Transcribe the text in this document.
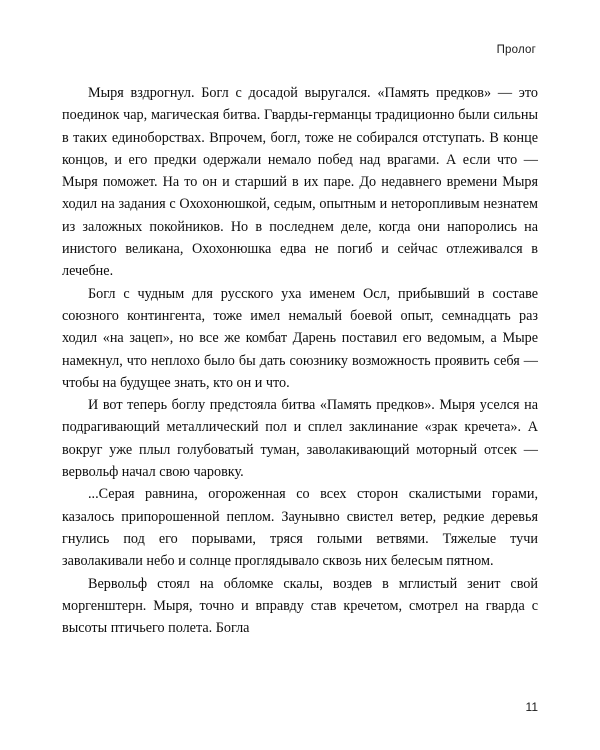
Пролог

Мыря вздрогнул. Богл с досадой выругался. «Память предков» — это поединок чар, магическая битва. Гварды-германцы традиционно были сильны в таких единоборствах. Впрочем, богл, тоже не собирался отступать. В конце концов, и его предки одержали немало побед над врагами. А если что — Мыря поможет. На то он и старший в их паре. До недавнего времени Мыря ходил на задания с Охохонюшкой, седым, опытным и неторопливым незнатем из заложных покойников. Но в последнем деле, когда они напоролись на инистого великана, Охохонюшка едва не погиб и сейчас отлеживался в лечебне.

Богл с чудным для русского уха именем Осл, прибывший в составе союзного контингента, тоже имел немалый боевой опыт, семнадцать раз ходил «на зацеп», но все же комбат Дарень поставил его ведомым, а Мыре намекнул, что неплохо было бы дать союзнику возможность проявить себя — чтобы на будущее знать, кто он и что.

И вот теперь боглу предстояла битва «Память предков». Мыря уселся на подрагивающий металлический пол и сплел заклинание «зрак кречета». А вокруг уже плыл голубоватый туман, заволакивающий моторный отсек — вервольф начал свою чаровку.

...Серая равнина, огороженная со всех сторон скалистыми горами, казалось припорошенной пеплом. Заунывно свистел ветер, редкие деревья гнулись под его порывами, тряся голыми ветвями. Тяжелые тучи заволакивали небо и солнце проглядывало сквозь них белесым пятном.

Вервольф стоял на обломке скалы, воздев в мглистый зенит свой моргенштерн. Мыря, точно и вправду став кречетом, смотрел на гварда с высоты птичьего полета. Богла

11
